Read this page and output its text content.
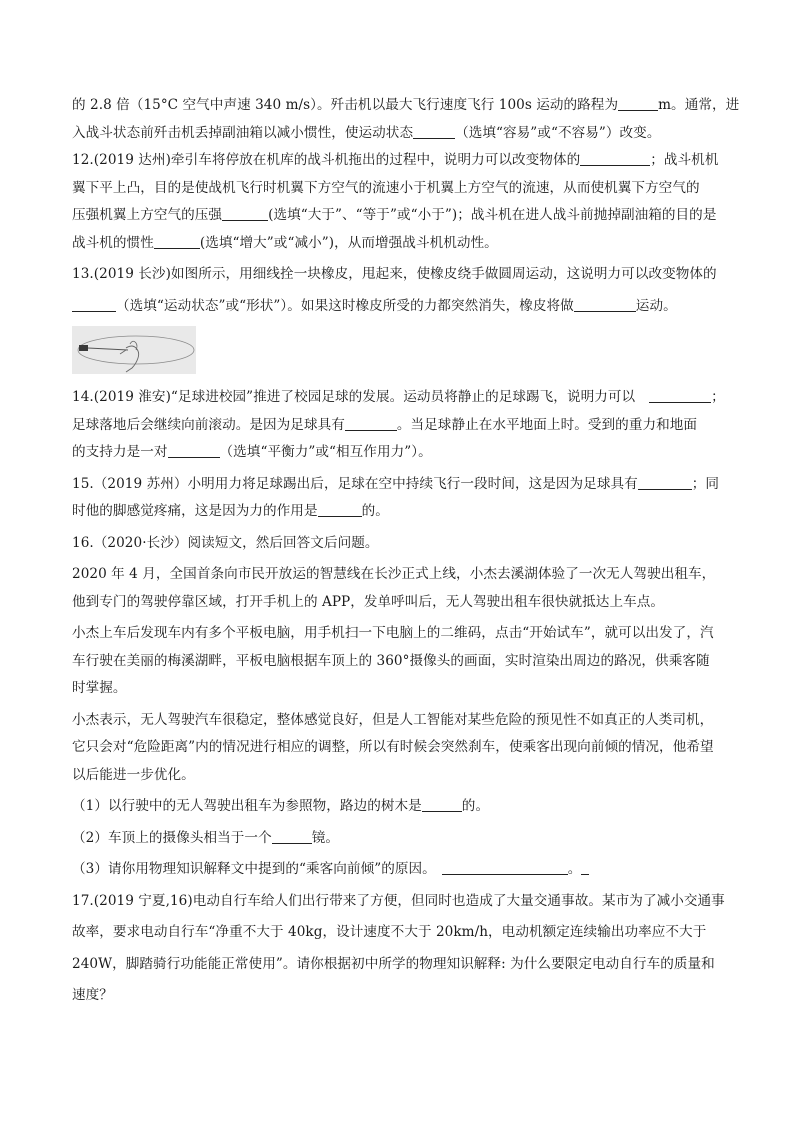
的 2.8 倍（15°C 空气中声速 340 m/s）。歼击机以最大飞行速度飞行 100s 运动的路程为	m。通常，进
入战斗状态前歼击机丢掉副油箱以减小惯性，使运动状态	（选填“容易”或“不容易”）改变。
12.(2019 达州)牵引车将停放在机库的战斗机拖出的过程中，说明力可以改变物体的	；战斗机机
翼下平上凸，目的是使战机飞行时机翼下方空气的流速小于机翼上方空气的流速，从而使机翼下方空气的
压强机翼上方空气的压强	(选填“大于”、“等于”或“小于”)；战斗机在进人战斗前抛掉副油箱的目的是
战斗机的惯性	(选填“增大”或“减小”)，从而增强战斗机机动性。
13.(2019 长沙)如图所示，用细线拴一块橡皮，甩起来，使橡皮绕手做圆周运动，这说明力可以改变物体的
（选填“运动状态”或“形状”）。如果这时橡皮所受的力都突然消失，橡皮将做	运动。
14.(2019 淮安)“足球进校园”推进了校园足球的发展。运动员将静止的足球踢飞，说明力可以	；
足球落地后会继续向前滚动。是因为足球具有	。当足球静止在水平地面上时。受到的重力和地面
的支持力是一对	（选填“平衡力”或“相互作用力”）。
15.（2019 苏州）小明用力将足球踢出后，足球在空中持续飞行一段时间，这是因为足球具有	；同
时他的脚感觉疼痛，这是因为力的作用是	的。
16.（2020·长沙）阅读短文，然后回答文后问题。
2020 年 4 月，全国首条向市民开放运的智慧线在长沙正式上线，小杰去溪湖体验了一次无人驾驶出租车，
他到专门的驾驶停靠区域，打开手机上的 APP，发单呼叫后，无人驾驶出租车很快就抵达上车点。
小杰上车后发现车内有多个平板电脑，用手机扫一下电脑上的二维码，点击“开始试车”，就可以出发了，汽
车行驶在美丽的梅溪湖畔，平板电脑根据车顶上的 360°摄像头的画面，实时渲染出周边的路况，供乘客随
时掌握。
小杰表示，无人驾驶汽车很稳定，整体感觉良好，但是人工智能对某些危险的预见性不如真正的人类司机，
它只会对“危险距离”内的情况进行相应的调整，所以有时候会突然刹车，使乘客出现向前倾的情况，他希望
以后能进一步优化。
（1）以行驶中的无人驾驶出租车为参照物，路边的树木是	的。
（2）车顶上的摄像头相当于一个	镜。
（3）请你用物理知识解释文中提到的“乘客向前倾”的原因。	。
17.(2019 宁夏,16)电动自行车给人们出行带来了方便，但同时也造成了大量交通事故。某市为了减小交通事
故率，要求电动自行车“净重不大于 40kg，设计速度不大于 20km/h，电动机额定连续输出功率应不大于
240W，脚踏骑行功能能正常使用”。请你根据初中所学的物理知识解释: 为什么要限定电动自行车的质量和
速度？
